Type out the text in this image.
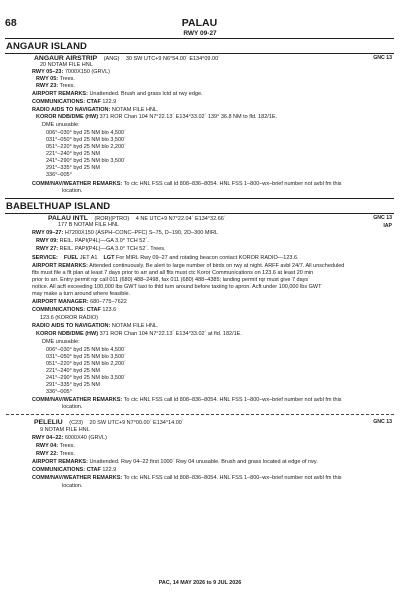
68	PALAU
RWY 09-27
ANGAUR ISLAND
ANGAUR AIRSTRIP (ANG) 30 SW UTC+9 N6°54.00´ E134°09.00´	GNC 13
20 NOTAM FILE HNL
RWY 05–23: 7000X150 (GRVL)
RWY 05: Trees.
RWY 23: Trees.
AIRPORT REMARKS: Unattended. Brush and grass lctd at rwy edge.
COMMUNICATIONS: CTAF 122.9
RADIO AIDS TO NAVIGATION: NOTAM FILE HNL.
KOROR NDB/DME (HW) 371 ROR Chan 104 N7°22.13´ E134°33.02´ 139° 36.8 NM to fld. 182/1E.
DME unusable:
006°–030° byd 25 NM blo 4,500´
031°–050° byd 25 NM blo 3,500´
051°–220° byd 25 NM blo 2,200´
221°–240° byd 25 NM
241°–290° byd 25 NM blo 3,500´
291°–335° byd 25 NM
336°–005°
COMM/NAV/WEATHER REMARKS: To ctc HNL FSS call ld 808–836–8054. HNL FSS 1–800–wx–brief number not avbl fm this
location.
BABELTHUAP ISLAND
PALAU INTL (ROR)(PTRO) 4 NE UTC+9 N7°22.04´ E134°32.66´	GNC 13
IAP
177 B NOTAM FILE HNL
RWY 09–27: H7200X150 (ASPH–CONC–PFC) S–75, D–190, 2D–300 MIRL
RWY 09: REIL. PAPI(P4L)—GA 3.0° TCH 52´.
RWY 27: REIL. PAPI(P4L)—GA 3.0° TCH 52´. Trees.
SERVICE: FUEL JET A1 LGT For MIRL Rwy 09–27 and rotating beacon contact KOROR RADIO—123.6.
AIRPORT REMARKS: Attended continuously. Be alert to large number of birds on rwy at night. ARFF avbl 24/7. All unscheduled
flts must file a flt plan at least 7 days prior to arr and all flts must ctc Koror Communications on 123.6 at least 20 min
prior to arr. Entry permit rqr call 011 (680) 488–2498, fax 011 (680) 488–4385; landing permit rqr must give 7 days
notice. All acft exceeding 100,000 lbs GWT taxi to thld turn around before taxiing to apron. Acft under 100,000 lbs GWT
may make a turn around where feasible.
AIRPORT MANAGER: 680–775–7622
COMMUNICATIONS: CTAF 123.6
123.6 (KOROR RADIO)
RADIO AIDS TO NAVIGATION: NOTAM FILE HNL.
KOROR NDB/DME (HW) 371 ROR Chan 104 N7°22.13´ E134°33.02´ at fld. 182/1E.
DME unusable:
006°–030° byd 25 NM blo 4,500´
031°–050° byd 25 NM blo 3,500´
051°–220° byd 25 NM blo 2,200´
221°–240° byd 25 NM
241°–290° byd 25 NM blo 3,500´
291°–335° byd 25 NM
336°–005°
COMM/NAV/WEATHER REMARKS: To ctc HNL FSS call ld 808–836–8054. HNL FSS 1–800–wx–brief number not avbl fm this
location.
PELELIU (C23) 20 SW UTC+9 N7°00.00´ E134°14.00´	GNC 13
9 NOTAM FILE HNL
RWY 04–22: 6000X40 (GRVL)
RWY 04: Trees.
RWY 22: Trees.
AIRPORT REMARKS: Unattended. Rwy 04–22 first 1000´ Rwy 04 unusable. Brush and grass located at edge of rwy.
COMMUNICATIONS: CTAF 122.9
COMM/NAV/WEATHER REMARKS: To ctc HNL FSS call ld 808–836–8054. HNL FSS 1–800–wx–brief number not avbl fm this
location.
PAC, 14 MAY 2026 to 9 JUL 2026
